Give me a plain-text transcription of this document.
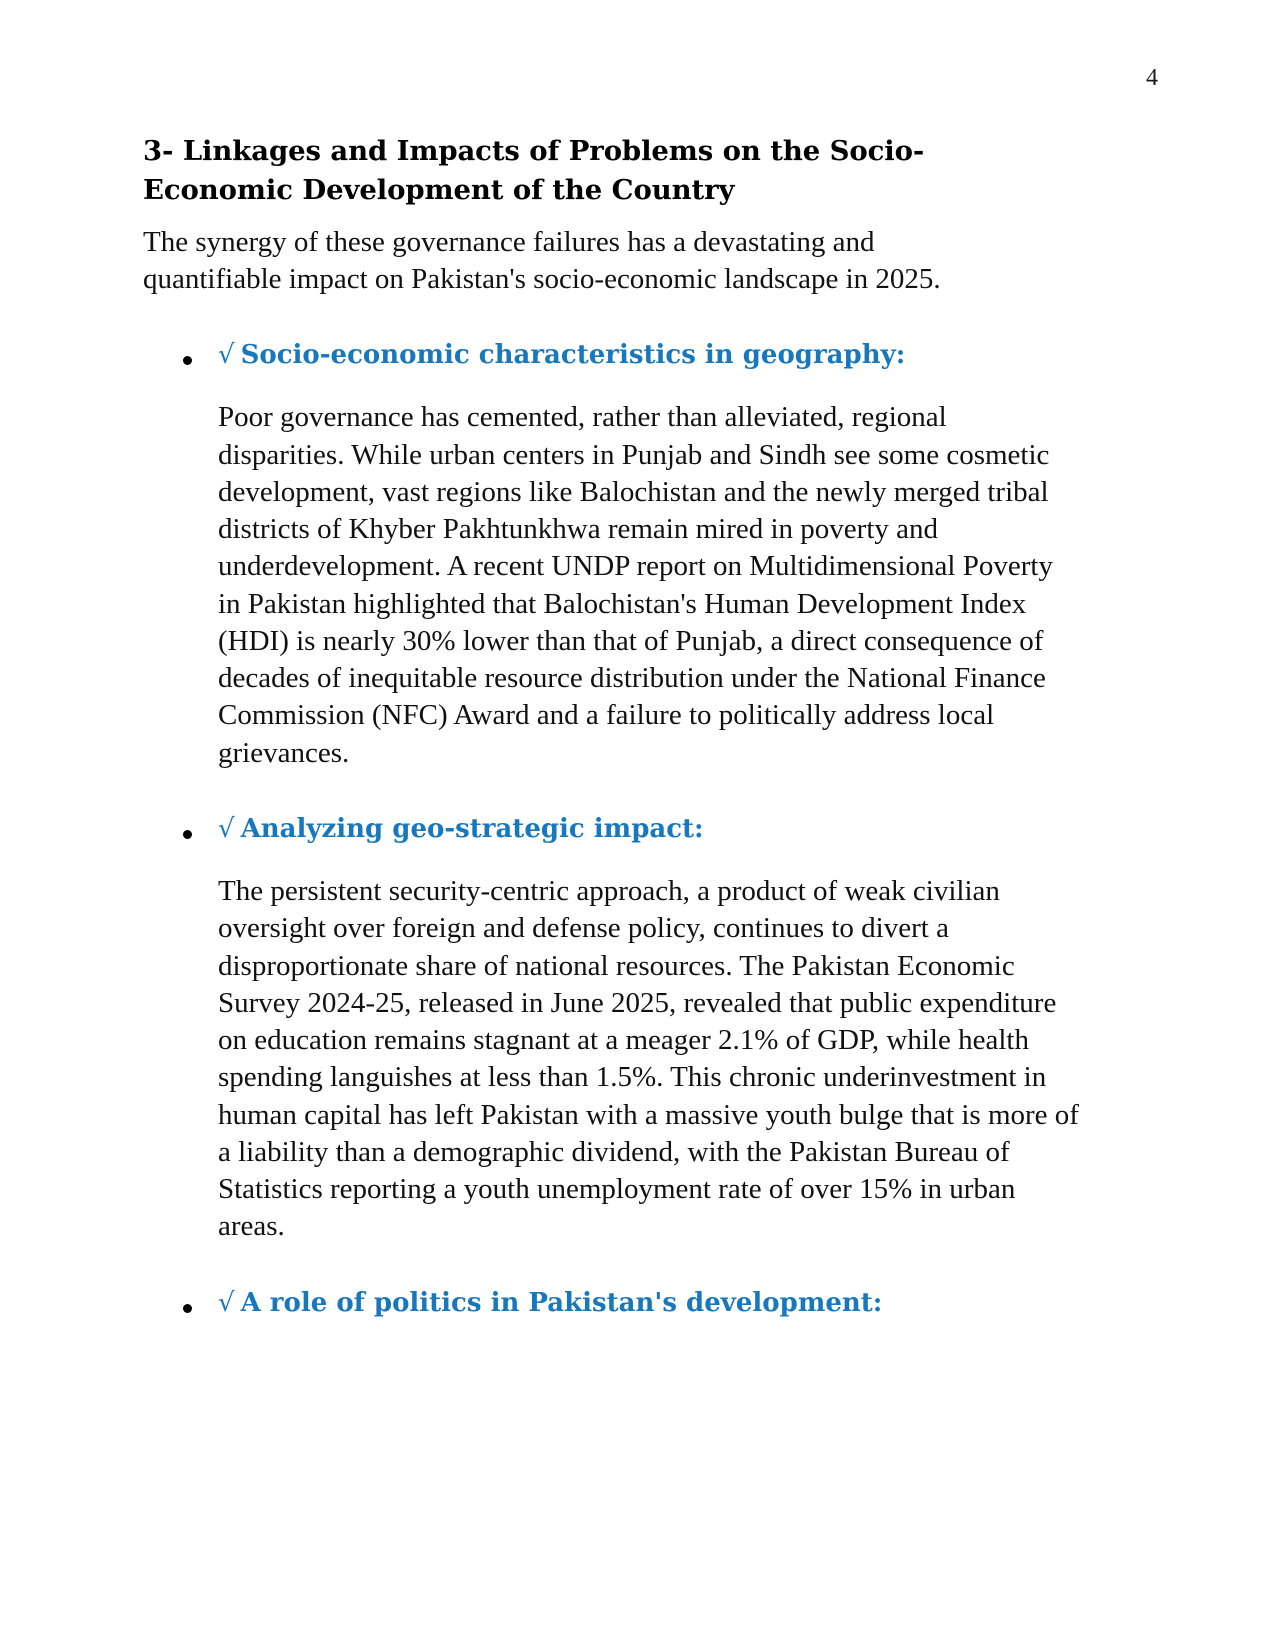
4
3- Linkages and Impacts of Problems on the Socio-Economic Development of the Country

The synergy of these governance failures has a devastating and quantifiable impact on Pakistan's socio-economic landscape in 2025.

√ Socio-economic characteristics in geography:

Poor governance has cemented, rather than alleviated, regional disparities. While urban centers in Punjab and Sindh see some cosmetic development, vast regions like Balochistan and the newly merged tribal districts of Khyber Pakhtunkhwa remain mired in poverty and underdevelopment. A recent UNDP report on Multidimensional Poverty in Pakistan highlighted that Balochistan's Human Development Index (HDI) is nearly 30% lower than that of Punjab, a direct consequence of decades of inequitable resource distribution under the National Finance Commission (NFC) Award and a failure to politically address local grievances.

√ Analyzing geo-strategic impact:

The persistent security-centric approach, a product of weak civilian oversight over foreign and defense policy, continues to divert a disproportionate share of national resources. The Pakistan Economic Survey 2024-25, released in June 2025, revealed that public expenditure on education remains stagnant at a meager 2.1% of GDP, while health spending languishes at less than 1.5%. This chronic underinvestment in human capital has left Pakistan with a massive youth bulge that is more of a liability than a demographic dividend, with the Pakistan Bureau of Statistics reporting a youth unemployment rate of over 15% in urban areas.

√ A role of politics in Pakistan's development:
